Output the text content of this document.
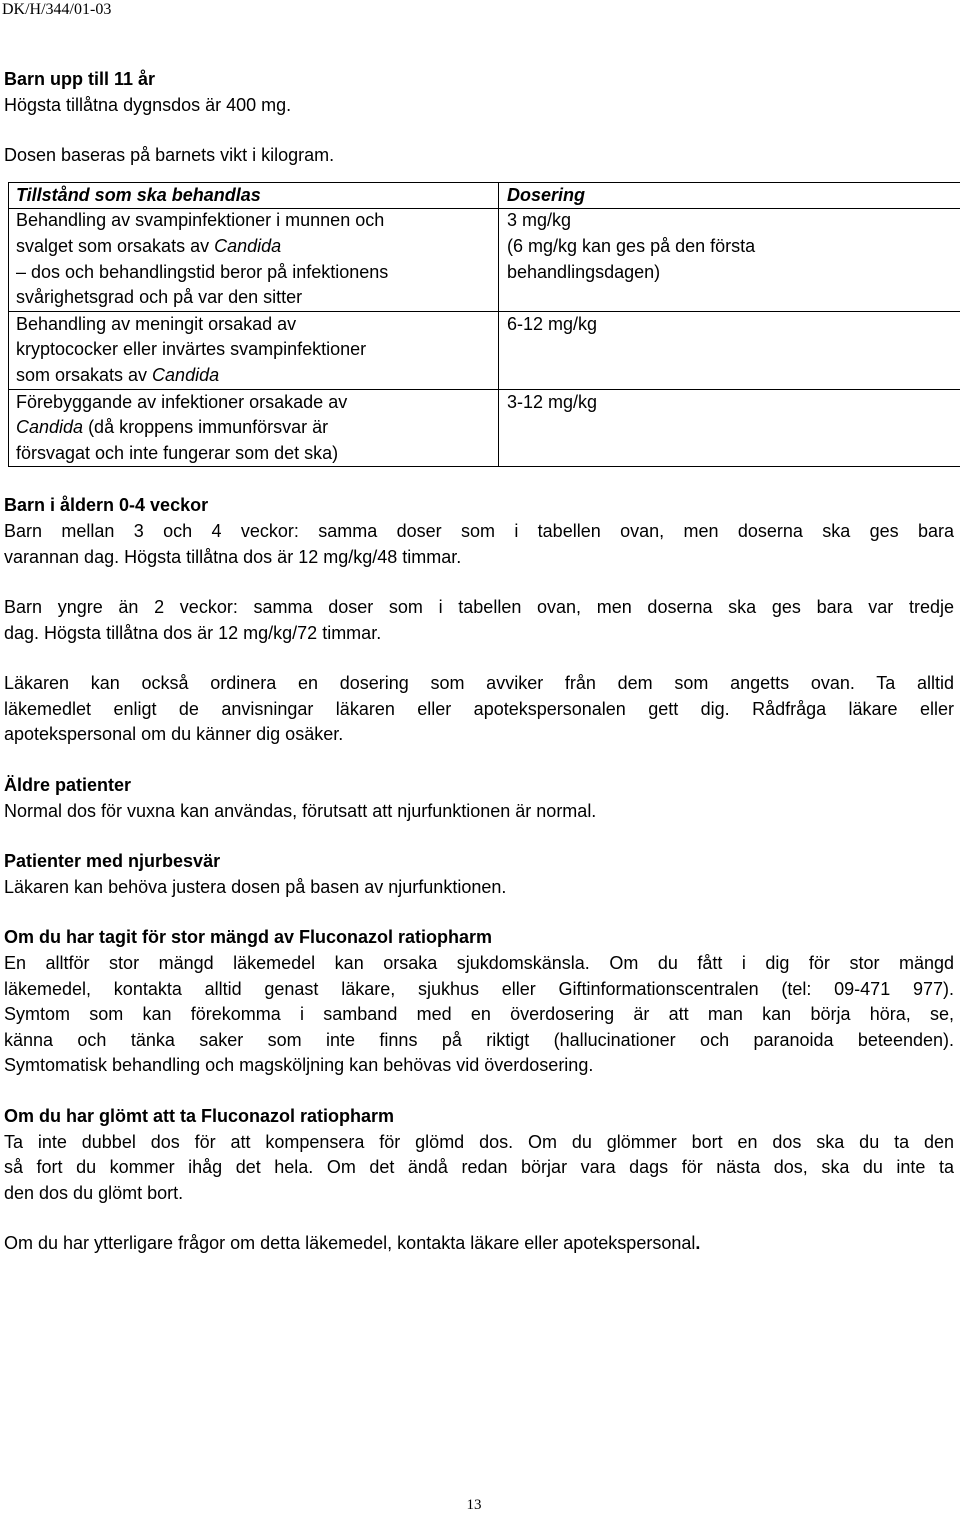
DK/H/344/01-03

Barn upp till 11 år

Högsta tillåtna dygnsdos är 400 mg.

Dosen baseras på barnets vikt i kilogram.

Tillstånd som ska behandlas	Dosering
Behandling av svampinfektioner i munnen och
svalget som orsakats av Candida
– dos och behandlingstid beror på infektionens
svårighetsgrad och på var den sitter	3 mg/kg
(6 mg/kg kan ges på den första
behandlingsdagen)

Behandling av meningit orsakad av
kryptococker eller invärtes svampinfektioner
som orsakats av Candida	6-12 mg/kg

Förebyggande av infektioner orsakade av
Candida (då kroppens immunförsvar är
försvagat och inte fungerar som det ska)	3-12 mg/kg

Barn i åldern 0-4 veckor

Barn mellan 3 och 4 veckor: samma doser som i tabellen ovan, men doserna ska ges bara
varannan dag. Högsta tillåtna dos är 12 mg/kg/48 timmar.

Barn yngre än 2 veckor: samma doser som i tabellen ovan, men doserna ska ges bara var tredje
dag. Högsta tillåtna dos är 12 mg/kg/72 timmar.

Läkaren kan också ordinera en dosering som avviker från dem som angetts ovan. Ta alltid
läkemedlet enligt de anvisningar läkaren eller apotekspersonalen gett dig. Rådfråga läkare eller
apotekspersonal om du känner dig osäker.

Äldre patienter

Normal dos för vuxna kan användas, förutsatt att njurfunktionen är normal.

Patienter med njurbesvär

Läkaren kan behöva justera dosen på basen av njurfunktionen.

Om du har tagit för stor mängd av Fluconazol ratiopharm

En alltför stor mängd läkemedel kan orsaka sjukdomskänsla. Om du fått i dig för stor mängd
läkemedel, kontakta alltid genast läkare, sjukhus eller Giftinformationscentralen (tel: 09-471 977).
Symtom som kan förekomma i samband med en överdosering är att man kan börja höra, se,
känna och tänka saker som inte finns på riktigt (hallucinationer och paranoida beteenden).
Symtomatisk behandling och magsköljning kan behövas vid överdosering.

Om du har glömt att ta Fluconazol ratiopharm

Ta inte dubbel dos för att kompensera för glömd dos. Om du glömmer bort en dos ska du ta den
så fort du kommer ihåg det hela. Om det ändå redan börjar vara dags för nästa dos, ska du inte ta
den dos du glömt bort.

Om du har ytterligare frågor om detta läkemedel, kontakta läkare eller apotekspersonal.

13
